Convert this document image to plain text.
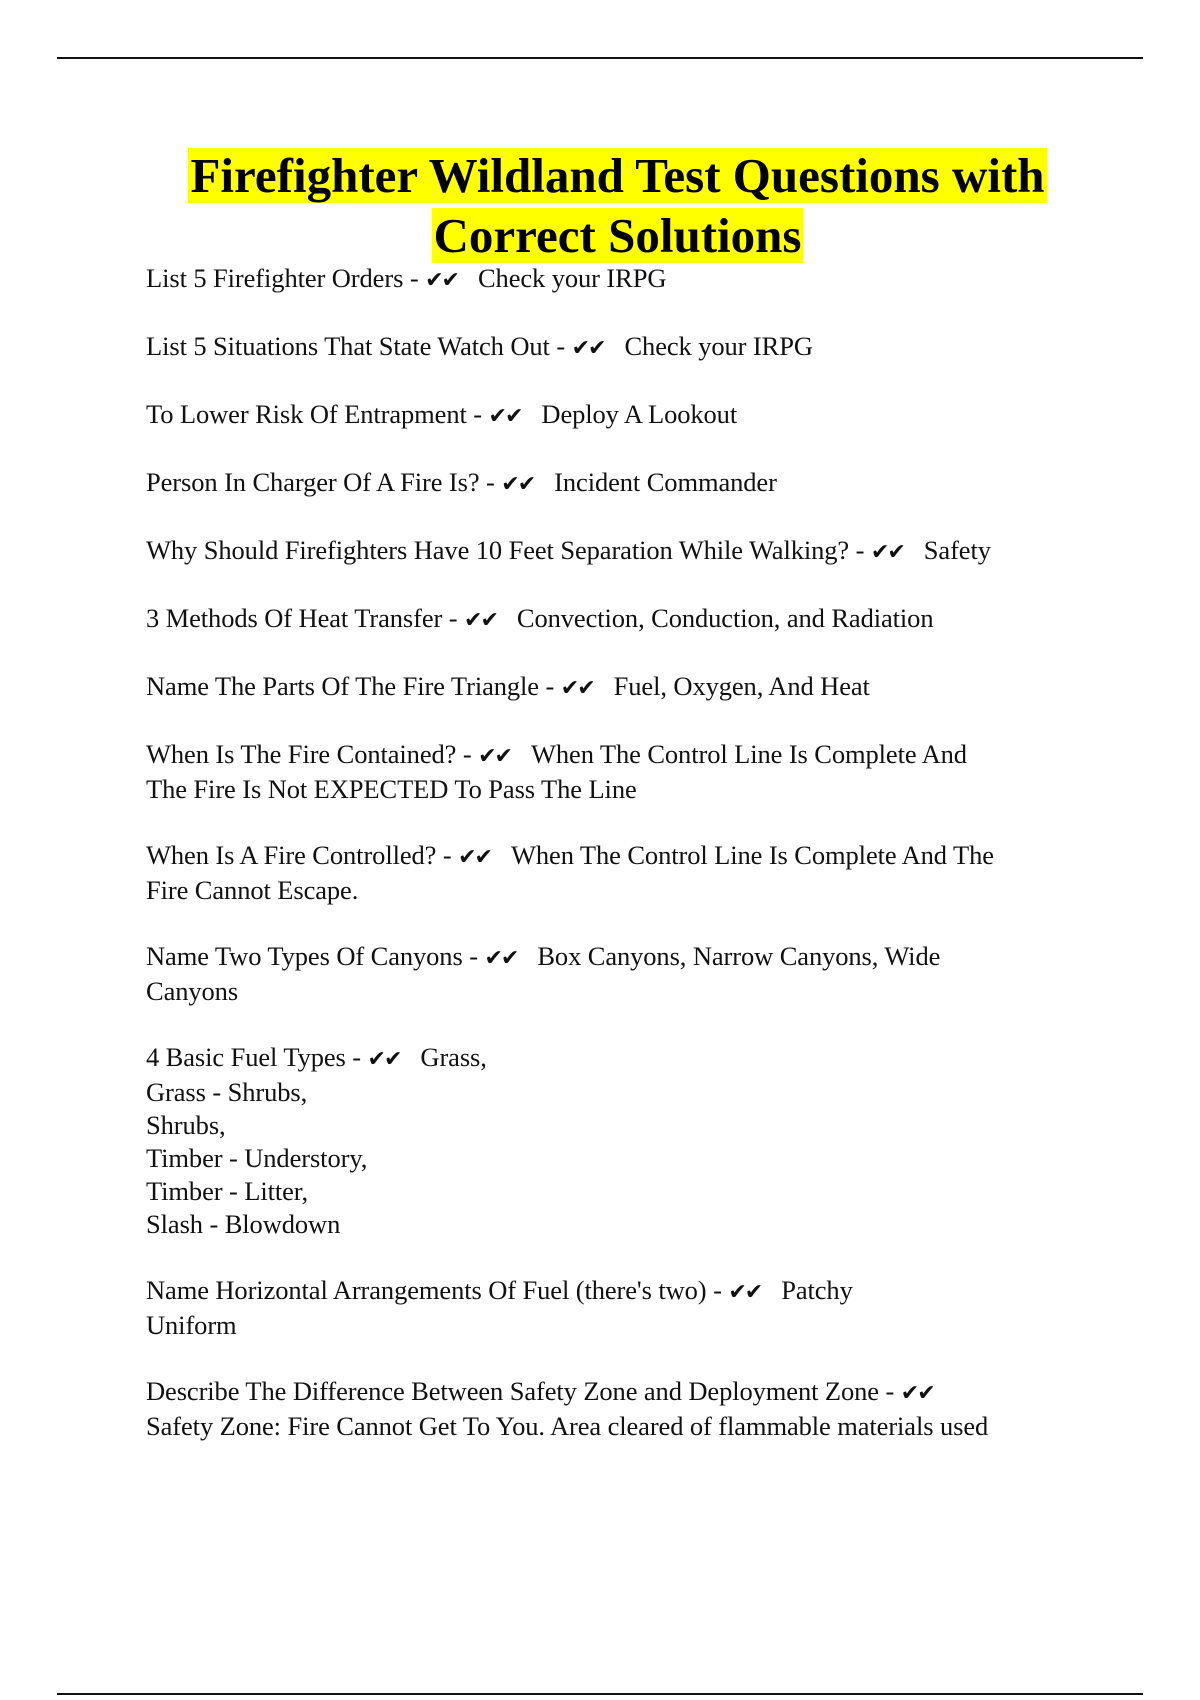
Firefighter Wildland Test Questions with
Correct Solutions
List 5 Firefighter Orders - ✔✔ Check your IRPG
List 5 Situations That State Watch Out - ✔✔ Check your IRPG
To Lower Risk Of Entrapment - ✔✔ Deploy A Lookout
Person In Charger Of A Fire Is? - ✔✔ Incident Commander
Why Should Firefighters Have 10 Feet Separation While Walking? - ✔✔ Safety
3 Methods Of Heat Transfer - ✔✔ Convection, Conduction, and Radiation
Name The Parts Of The Fire Triangle - ✔✔ Fuel, Oxygen, And Heat
When Is The Fire Contained? - ✔✔ When The Control Line Is Complete And
The Fire Is Not EXPECTED To Pass The Line
When Is A Fire Controlled? - ✔✔ When The Control Line Is Complete And The
Fire Cannot Escape.
Name Two Types Of Canyons - ✔✔ Box Canyons, Narrow Canyons, Wide
Canyons
4 Basic Fuel Types - ✔✔ Grass,
Grass - Shrubs,
Shrubs,
Timber - Understory,
Timber - Litter,
Slash - Blowdown
Name Horizontal Arrangements Of Fuel (there's two) - ✔✔ Patchy
Uniform
Describe The Difference Between Safety Zone and Deployment Zone - ✔✔
Safety Zone: Fire Cannot Get To You. Area cleared of flammable materials used
